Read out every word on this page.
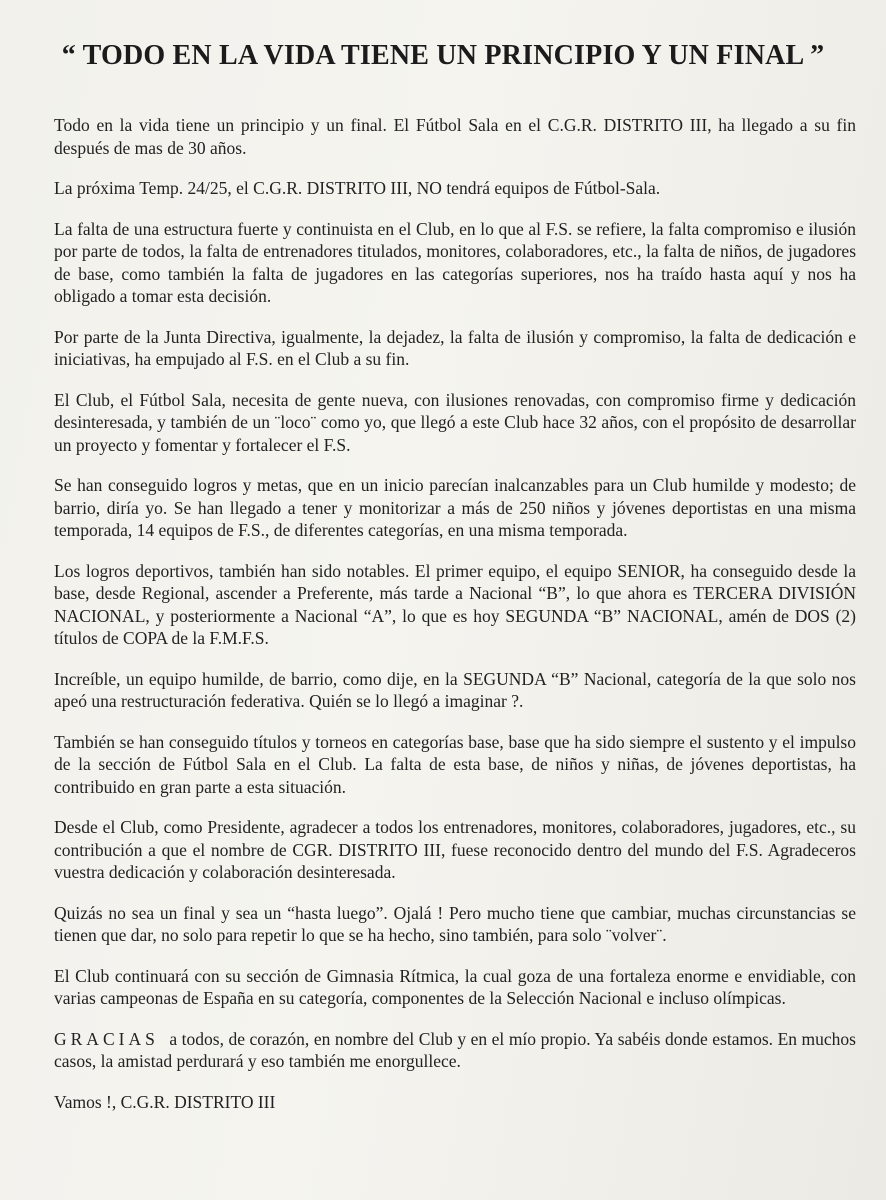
“ TODO EN LA VIDA TIENE UN PRINCIPIO Y UN FINAL ”

Todo en la vida tiene un principio y un final. El Fútbol Sala en el C.G.R. DISTRITO III, ha llegado a su fin después de mas de 30 años.

La próxima Temp. 24/25, el C.G.R. DISTRITO III, NO tendrá equipos de Fútbol-Sala.

La falta de una estructura fuerte y continuista en el Club, en lo que al F.S. se refiere, la falta compromiso e ilusión por parte de todos, la falta de entrenadores titulados, monitores, colaboradores, etc., la falta de niños, de jugadores de base, como también la falta de jugadores en las categorías superiores, nos ha traído hasta aquí y nos ha obligado a tomar esta decisión.

Por parte de la Junta Directiva, igualmente, la dejadez, la falta de ilusión y compromiso, la falta de dedicación e iniciativas, ha empujado al F.S. en el Club a su fin.

El Club, el Fútbol Sala, necesita de gente nueva, con ilusiones renovadas, con compromiso firme y dedicación desinteresada, y también de un ¨loco¨ como yo, que llegó a este Club hace 32 años, con el propósito de desarrollar un proyecto y fomentar y fortalecer el F.S.

Se han conseguido logros y metas, que en un inicio parecían inalcanzables para un Club humilde y modesto; de barrio, diría yo. Se han llegado a tener y monitorizar a más de 250 niños y jóvenes deportistas en una misma temporada, 14 equipos de F.S., de diferentes categorías, en una misma temporada.

Los logros deportivos, también han sido notables. El primer equipo, el equipo SENIOR, ha conseguido desde la base, desde Regional, ascender a Preferente, más tarde a Nacional “B”, lo que ahora es TERCERA DIVISIÓN NACIONAL, y posteriormente a Nacional “A”, lo que es hoy SEGUNDA “B” NACIONAL, amén de DOS (2) títulos de COPA de la F.M.F.S.

Increíble, un equipo humilde, de barrio, como dije, en la SEGUNDA “B” Nacional, categoría de la que solo nos apeó una restructuración federativa. Quién se lo llegó a imaginar ?.

También se han conseguido títulos y torneos en categorías base, base que ha sido siempre el sustento y el impulso de la sección de Fútbol Sala en el Club. La falta de esta base, de niños y niñas, de jóvenes deportistas, ha contribuido en gran parte a esta situación.

Desde el Club, como Presidente, agradecer a todos los entrenadores, monitores, colaboradores, jugadores, etc., su contribución a que el nombre de CGR. DISTRITO III, fuese reconocido dentro del mundo del F.S. Agradeceros vuestra dedicación y colaboración desinteresada.

Quizás no sea un final y sea un “hasta luego”. Ojalá ! Pero mucho tiene que cambiar, muchas circunstancias se tienen que dar, no solo para repetir lo que se ha hecho, sino también, para solo ¨volver¨.

El Club continuará con su sección de Gimnasia Rítmica, la cual goza de una fortaleza enorme e envidiable, con varias campeonas de España en su categoría, componentes de la Selección Nacional e incluso olímpicas.

GRACIAS a todos, de corazón, en nombre del Club y en el mío propio. Ya sabéis donde estamos. En muchos casos, la amistad perdurará y eso también me enorgullece.

Vamos !, C.G.R. DISTRITO III
